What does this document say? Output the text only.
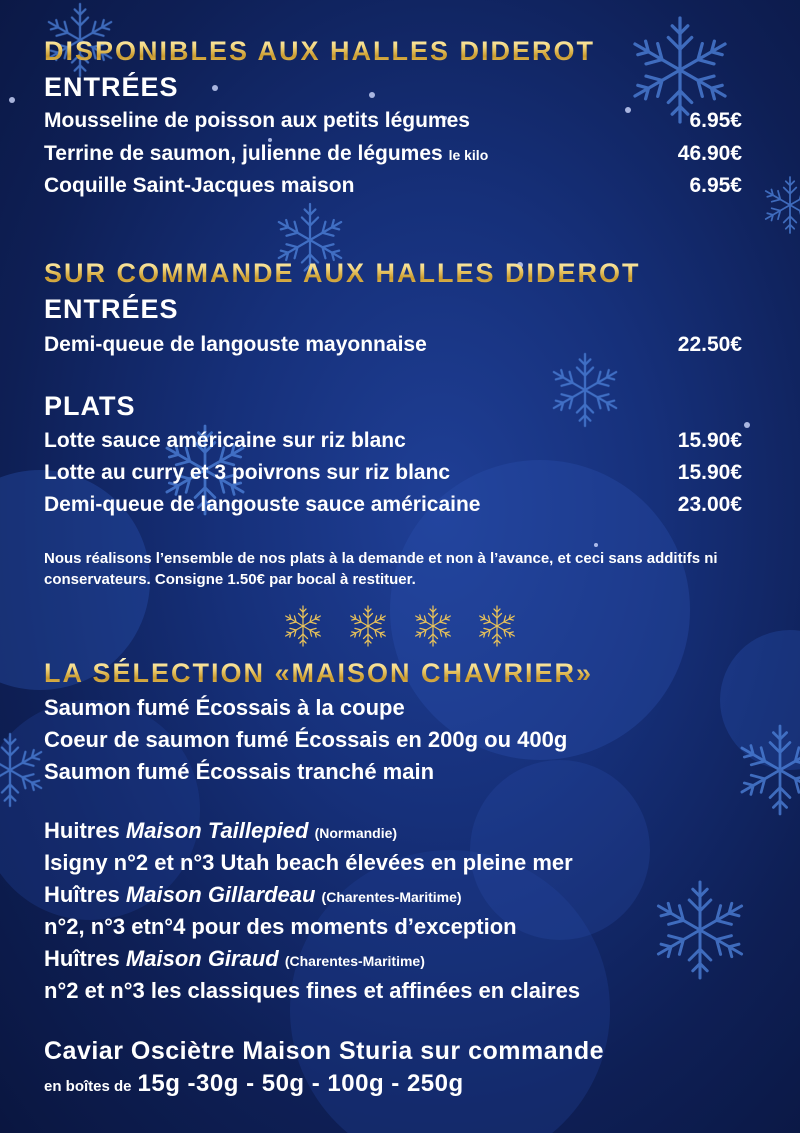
DISPONIBLES AUX HALLES DIDEROT
ENTRÉES
Mousseline de poisson aux petits légumes	6.95€
Terrine de saumon, julienne de légumes le kilo	46.90€
Coquille Saint-Jacques maison	6.95€
SUR COMMANDE AUX HALLES DIDEROT
ENTRÉES
Demi-queue de langouste mayonnaise	22.50€
PLATS
Lotte sauce américaine sur riz blanc	15.90€
Lotte au curry et 3 poivrons sur riz blanc	15.90€
Demi-queue de langouste sauce américaine	23.00€
Nous réalisons l’ensemble de nos plats à la demande et non à l’avance, et ceci sans additifs ni conservateurs. Consigne 1.50€ par bocal à restituer.
LA SÉLECTION «MAISON CHAVRIER»
Saumon fumé Écossais à la coupe
Coeur de saumon fumé Écossais en 200g ou 400g
Saumon fumé Écossais tranché main
Huitres Maison Taillepied (Normandie)
Isigny n°2 et n°3 Utah beach élevées en pleine mer
Huîtres Maison Gillardeau (Charentes-Maritime)
n°2, n°3 etn°4 pour des moments d’exception
Huîtres Maison Giraud (Charentes-Maritime)
n°2 et n°3 les classiques fines et affinées en claires
Caviar Osciètre Maison Sturia sur commande
en boîtes de 15g -30g - 50g - 100g - 250g
